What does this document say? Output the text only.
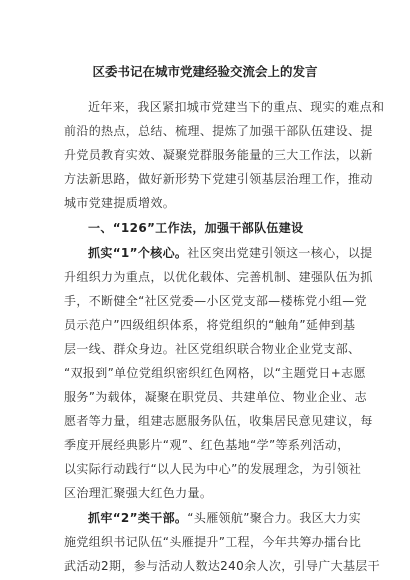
区委书记在城市党建经验交流会上的发言
近年来，我区紧扣城市党建当下的重点、现实的难点和
前沿的热点，总结、梳理、提炼了加强干部队伍建设、提
升党员教育实效、凝聚党群服务能量的三大工作法，以新
方法新思路，做好新形势下党建引领基层治理工作，推动
城市党建提质增效。
一、“126”工作法，加强干部队伍建设
抓实“1”个核心。社区突出党建引领这一核心，以提
升组织力为重点，以优化载体、完善机制、建强队伍为抓
手，不断健全“社区党委—小区党支部—楼栋党小组—党
员示范户”四级组织体系，将党组织的“触角”延伸到基
层一线、群众身边。社区党组织联合物业企业党支部、
“双报到”单位党组织密织红色网格，以“主题党日+志愿
服务”为载体，凝聚在职党员、共建单位、物业企业、志
愿者等力量，组建志愿服务队伍，收集居民意见建议，每
季度开展经典影片“观”、红色基地“学”等系列活动，
以实际行动践行“以人民为中心”的发展理念，为引领社
区治理汇聚强大红色力量。
抓牢“2”类干部。“头雁领航”聚合力。我区大力实
施党组织书记队伍“头雁提升”工程，今年共筹办擂台比
武活动2期，参与活动人数达240余人次，引导广大基层干
